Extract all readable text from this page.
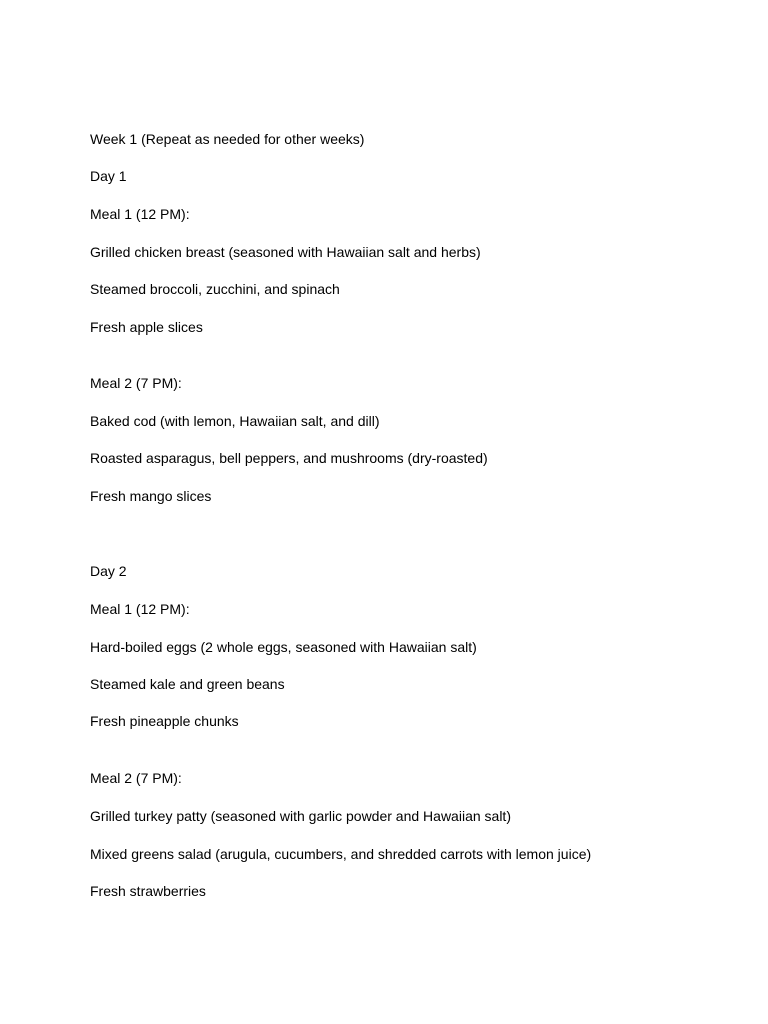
Week 1 (Repeat as needed for other weeks)

Day 1

Meal 1 (12 PM):

Grilled chicken breast (seasoned with Hawaiian salt and herbs)

Steamed broccoli, zucchini, and spinach

Fresh apple slices

Meal 2 (7 PM):

Baked cod (with lemon, Hawaiian salt, and dill)

Roasted asparagus, bell peppers, and mushrooms (dry-roasted)

Fresh mango slices

Day 2

Meal 1 (12 PM):

Hard-boiled eggs (2 whole eggs, seasoned with Hawaiian salt)

Steamed kale and green beans

Fresh pineapple chunks

Meal 2 (7 PM):

Grilled turkey patty (seasoned with garlic powder and Hawaiian salt)

Mixed greens salad (arugula, cucumbers, and shredded carrots with lemon juice)

Fresh strawberries
